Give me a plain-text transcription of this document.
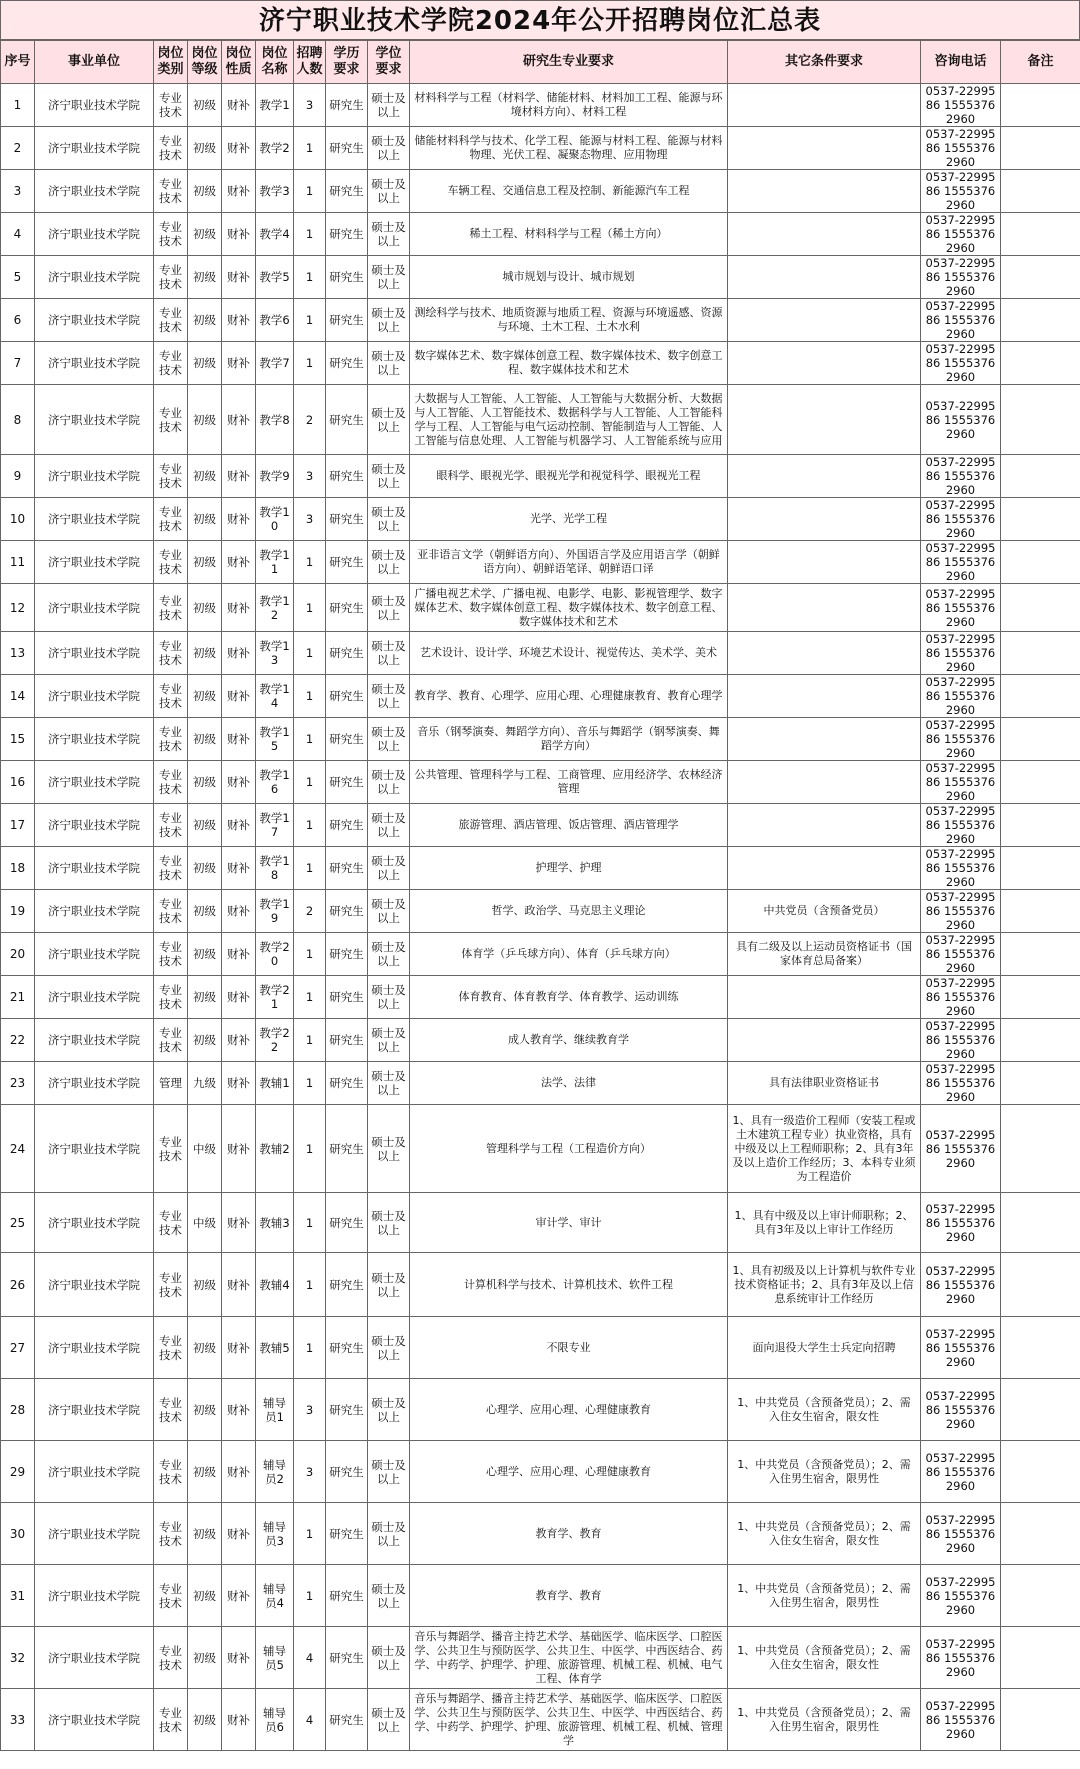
济宁职业技术学院2024年公开招聘岗位汇总表
序号	事业单位	岗位类别	岗位等级	岗位性质	岗位名称	招聘人数	学历要求	学位要求	研究生专业要求	其它条件要求	咨询电话	备注
1	济宁职业技术学院	专业技术	初级	财补	教学1	3	研究生	硕士及以上	材料科学与工程（材料学、储能材料、材料加工工程、能源与环境材料方向）、材料工程		0537-2299586 15553762960	
2	济宁职业技术学院	专业技术	初级	财补	教学2	1	研究生	硕士及以上	储能材料科学与技术、化学工程、能源与材料工程、能源与材料物理、光伏工程、凝聚态物理、应用物理		0537-2299586 15553762960	
3	济宁职业技术学院	专业技术	初级	财补	教学3	1	研究生	硕士及以上	车辆工程、交通信息工程及控制、新能源汽车工程		0537-2299586 15553762960	
4	济宁职业技术学院	专业技术	初级	财补	教学4	1	研究生	硕士及以上	稀土工程、材料科学与工程（稀土方向）		0537-2299586 15553762960	
5	济宁职业技术学院	专业技术	初级	财补	教学5	1	研究生	硕士及以上	城市规划与设计、城市规划		0537-2299586 15553762960	
6	济宁职业技术学院	专业技术	初级	财补	教学6	1	研究生	硕士及以上	测绘科学与技术、地质资源与地质工程、资源与环境遥感、资源与环境、土木工程、土木水利		0537-2299586 15553762960	
7	济宁职业技术学院	专业技术	初级	财补	教学7	1	研究生	硕士及以上	数字媒体艺术、数字媒体创意工程、数字媒体技术、数字创意工程、数字媒体技术和艺术		0537-2299586 15553762960	
8	济宁职业技术学院	专业技术	初级	财补	教学8	2	研究生	硕士及以上	大数据与人工智能、人工智能、人工智能与大数据分析、大数据与人工智能、人工智能技术、数据科学与人工智能、人工智能科学与工程、人工智能与电气运动控制、智能制造与人工智能、人工智能与信息处理、人工智能与机器学习、人工智能系统与应用		0537-2299586 15553762960	
9	济宁职业技术学院	专业技术	初级	财补	教学9	3	研究生	硕士及以上	眼科学、眼视光学、眼视光学和视觉科学、眼视光工程		0537-2299586 15553762960	
10	济宁职业技术学院	专业技术	初级	财补	教学10	3	研究生	硕士及以上	光学、光学工程		0537-2299586 15553762960	
11	济宁职业技术学院	专业技术	初级	财补	教学11	1	研究生	硕士及以上	亚非语言文学（朝鲜语方向）、外国语言学及应用语言学（朝鲜语方向）、朝鲜语笔译、朝鲜语口译		0537-2299586 15553762960	
12	济宁职业技术学院	专业技术	初级	财补	教学12	1	研究生	硕士及以上	广播电视艺术学、广播电视、电影学、电影、影视管理学、数字媒体艺术、数字媒体创意工程、数字媒体技术、数字创意工程、数字媒体技术和艺术		0537-2299586 15553762960	
13	济宁职业技术学院	专业技术	初级	财补	教学13	1	研究生	硕士及以上	艺术设计、设计学、环境艺术设计、视觉传达、美术学、美术		0537-2299586 15553762960	
14	济宁职业技术学院	专业技术	初级	财补	教学14	1	研究生	硕士及以上	教育学、教育、心理学、应用心理、心理健康教育、教育心理学		0537-2299586 15553762960	
15	济宁职业技术学院	专业技术	初级	财补	教学15	1	研究生	硕士及以上	音乐（钢琴演奏、舞蹈学方向）、音乐与舞蹈学（钢琴演奏、舞蹈学方向）		0537-2299586 15553762960	
16	济宁职业技术学院	专业技术	初级	财补	教学16	1	研究生	硕士及以上	公共管理、管理科学与工程、工商管理、应用经济学、农林经济管理		0537-2299586 15553762960	
17	济宁职业技术学院	专业技术	初级	财补	教学17	1	研究生	硕士及以上	旅游管理、酒店管理、饭店管理、酒店管理学		0537-2299586 15553762960	
18	济宁职业技术学院	专业技术	初级	财补	教学18	1	研究生	硕士及以上	护理学、护理		0537-2299586 15553762960	
19	济宁职业技术学院	专业技术	初级	财补	教学19	2	研究生	硕士及以上	哲学、政治学、马克思主义理论	中共党员（含预备党员）	0537-2299586 15553762960	
20	济宁职业技术学院	专业技术	初级	财补	教学20	1	研究生	硕士及以上	体育学（乒乓球方向）、体育（乒乓球方向）	具有二级及以上运动员资格证书（国家体育总局备案）	0537-2299586 15553762960	
21	济宁职业技术学院	专业技术	初级	财补	教学21	1	研究生	硕士及以上	体育教育、体育教育学、体育教学、运动训练		0537-2299586 15553762960	
22	济宁职业技术学院	专业技术	初级	财补	教学22	1	研究生	硕士及以上	成人教育学、继续教育学		0537-2299586 15553762960	
23	济宁职业技术学院	管理	九级	财补	教辅1	1	研究生	硕士及以上	法学、法律	具有法律职业资格证书	0537-2299586 15553762960	
24	济宁职业技术学院	专业技术	中级	财补	教辅2	1	研究生	硕士及以上	管理科学与工程（工程造价方向）	1、具有一级造价工程师（安装工程或土木建筑工程专业）执业资格，具有中级及以上工程师职称；2、具有3年及以上造价工作经历；3、本科专业须为工程造价	0537-2299586 15553762960	
25	济宁职业技术学院	专业技术	中级	财补	教辅3	1	研究生	硕士及以上	审计学、审计	1、具有中级及以上审计师职称；2、具有3年及以上审计工作经历	0537-2299586 15553762960	
26	济宁职业技术学院	专业技术	初级	财补	教辅4	1	研究生	硕士及以上	计算机科学与技术、计算机技术、软件工程	1、具有初级及以上计算机与软件专业技术资格证书；2、具有3年及以上信息系统审计工作经历	0537-2299586 15553762960	
27	济宁职业技术学院	专业技术	初级	财补	教辅5	1	研究生	硕士及以上	不限专业	面向退役大学生士兵定向招聘	0537-2299586 15553762960	
28	济宁职业技术学院	专业技术	初级	财补	辅导员1	3	研究生	硕士及以上	心理学、应用心理、心理健康教育	1、中共党员（含预备党员）；2、需入住女生宿舍，限女性	0537-2299586 15553762960	
29	济宁职业技术学院	专业技术	初级	财补	辅导员2	3	研究生	硕士及以上	心理学、应用心理、心理健康教育	1、中共党员（含预备党员）；2、需入住男生宿舍，限男性	0537-2299586 15553762960	
30	济宁职业技术学院	专业技术	初级	财补	辅导员3	1	研究生	硕士及以上	教育学、教育	1、中共党员（含预备党员）；2、需入住女生宿舍，限女性	0537-2299586 15553762960	
31	济宁职业技术学院	专业技术	初级	财补	辅导员4	1	研究生	硕士及以上	教育学、教育	1、中共党员（含预备党员）；2、需入住男生宿舍，限男性	0537-2299586 15553762960	
32	济宁职业技术学院	专业技术	初级	财补	辅导员5	4	研究生	硕士及以上	音乐与舞蹈学、播音主持艺术学、基础医学、临床医学、口腔医学、公共卫生与预防医学、公共卫生、中医学、中西医结合、药学、中药学、护理学、护理、旅游管理、机械工程、机械、电气工程、体育学	1、中共党员（含预备党员）；2、需入住女生宿舍，限女性	0537-2299586 15553762960	
33	济宁职业技术学院	专业技术	初级	财补	辅导员6	4	研究生	硕士及以上	音乐与舞蹈学、播音主持艺术学、基础医学、临床医学、口腔医学、公共卫生与预防医学、公共卫生、中医学、中西医结合、药学、中药学、护理学、护理、旅游管理、机械工程、机械、管理学	1、中共党员（含预备党员）；2、需入住男生宿舍，限男性	0537-2299586 15553762960	
